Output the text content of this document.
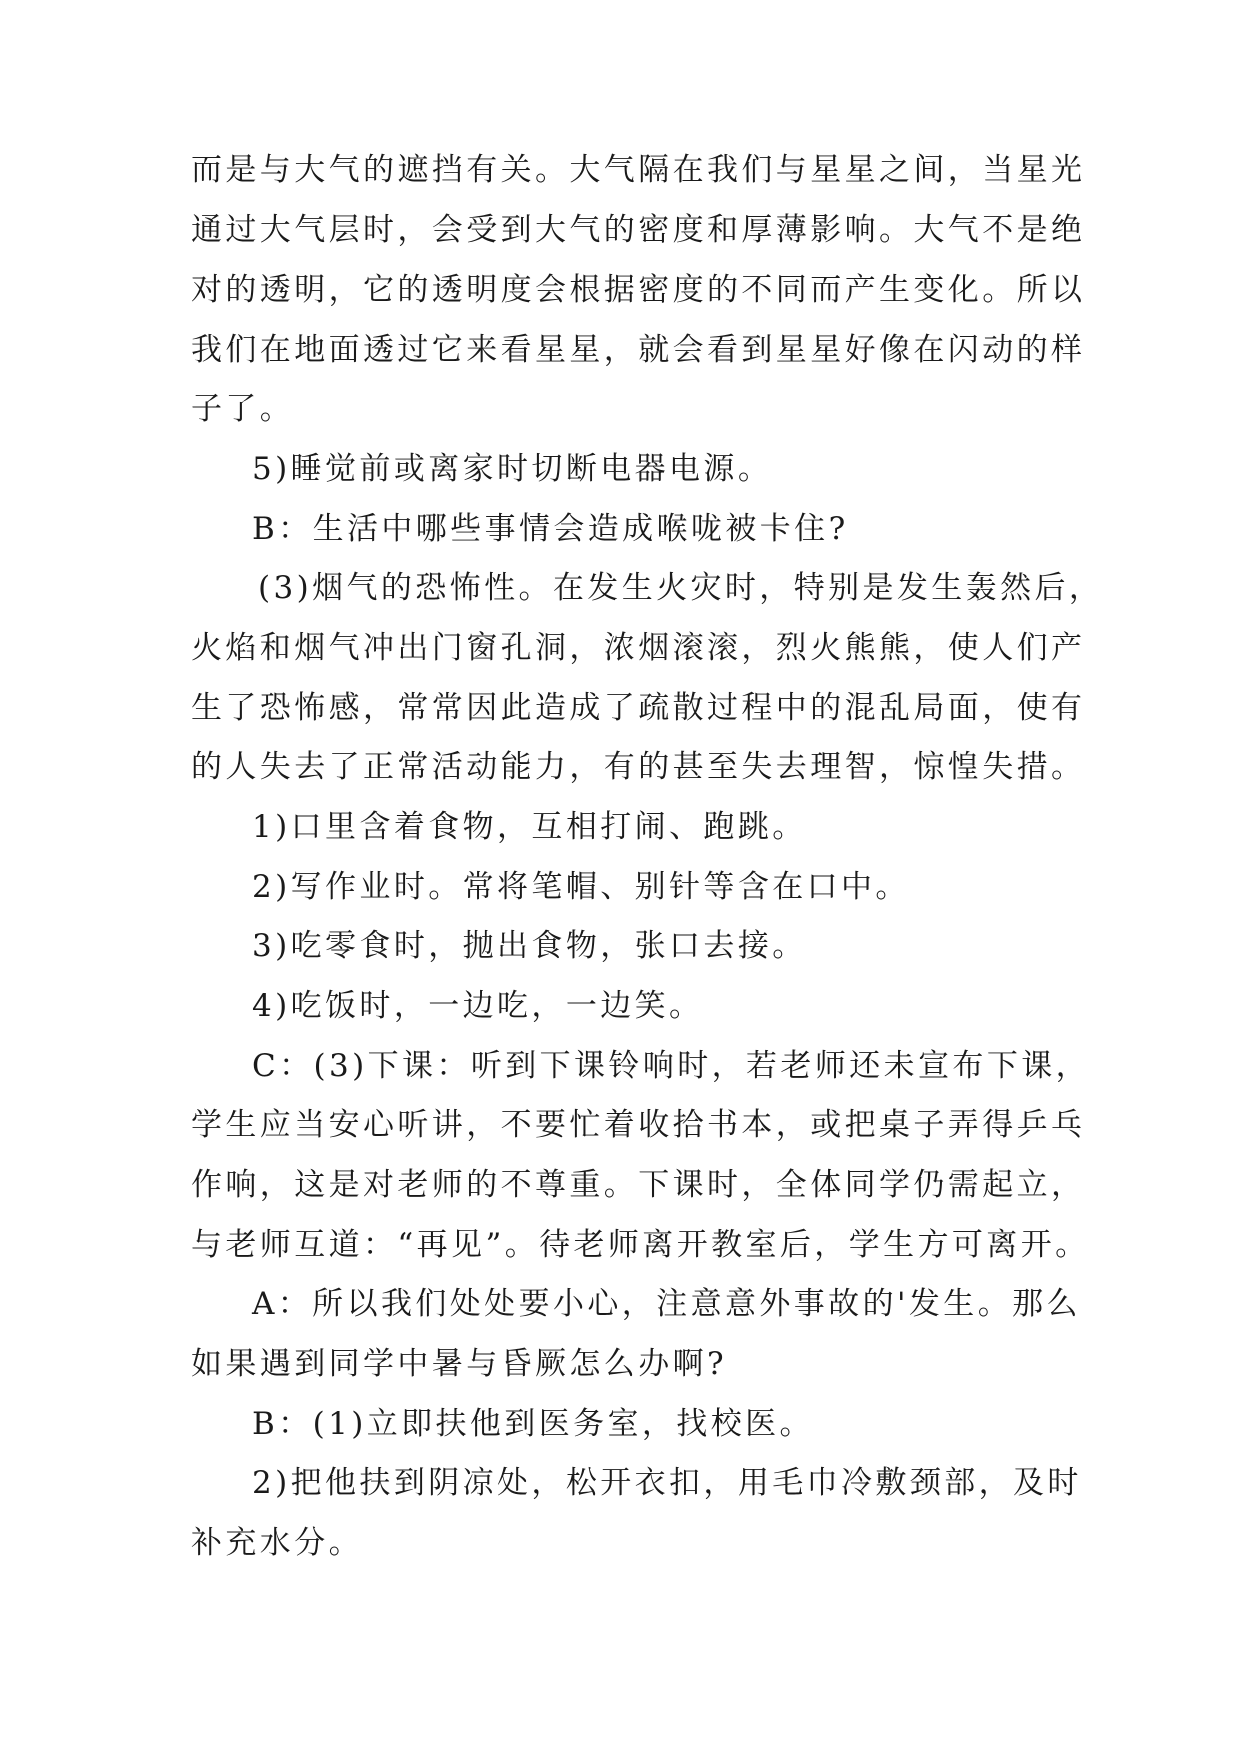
而是与大气的遮挡有关。大气隔在我们与星星之间，当星光
通过大气层时，会受到大气的密度和厚薄影响。大气不是绝
对的透明，它的透明度会根据密度的不同而产生变化。所以
我们在地面透过它来看星星，就会看到星星好像在闪动的样
子了。
5)睡觉前或离家时切断电器电源。
B：生活中哪些事情会造成喉咙被卡住?
(3)烟气的恐怖性。在发生火灾时，特别是发生轰然后，
火焰和烟气冲出门窗孔洞，浓烟滚滚，烈火熊熊，使人们产
生了恐怖感，常常因此造成了疏散过程中的混乱局面，使有
的人失去了正常活动能力，有的甚至失去理智，惊惶失措。
1)口里含着食物，互相打闹、跑跳。
2)写作业时。常将笔帽、别针等含在口中。
3)吃零食时，抛出食物，张口去接。
4)吃饭时，一边吃，一边笑。
C：(3)下课：听到下课铃响时，若老师还未宣布下课，
学生应当安心听讲，不要忙着收拾书本，或把桌子弄得乒乓
作响，这是对老师的不尊重。下课时，全体同学仍需起立，
与老师互道：“再见”。待老师离开教室后，学生方可离开。
A：所以我们处处要小心，注意意外事故的'发生。那么
如果遇到同学中暑与昏厥怎么办啊?
B：(1)立即扶他到医务室，找校医。
2)把他扶到阴凉处，松开衣扣，用毛巾冷敷颈部，及时
补充水分。
